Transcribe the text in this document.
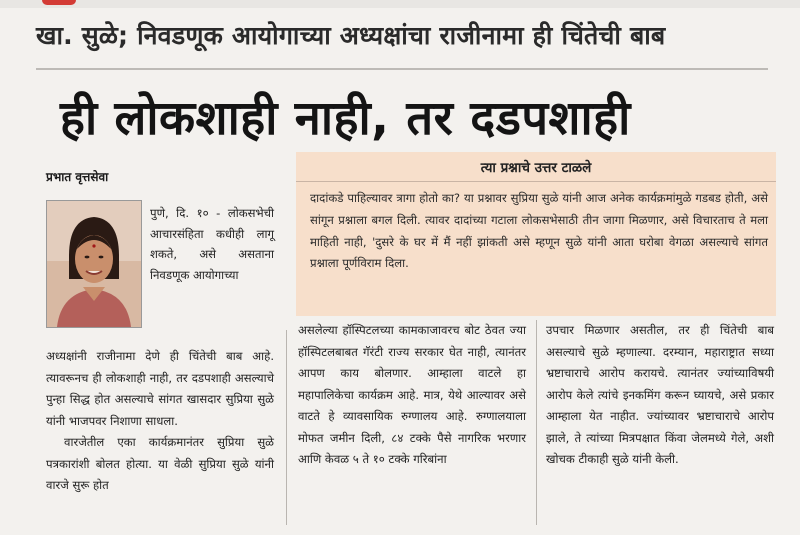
खा. सुळे; निवडणूक आयोगाच्या अध्यक्षांचा राजीनामा ही चिंतेची बाब
ही लोकशाही नाही, तर दडपशाही
प्रभात वृत्तसेवा
पुणे, दि. १० - लोकसभेची आचारसंहिता कधीही लागू शकते, असे असताना निवडणूक आयोगाच्या

अध्यक्षांनी राजीनामा देणे ही चिंतेची बाब आहे. त्यावरूनच ही लोकशाही नाही, तर दडपशाही असल्याचे पुन्हा सिद्ध होत असल्याचे सांगत खासदार सुप्रिया सुळे यांनी भाजपवर निशाणा साधला.

वारजेतील एका कार्यक्रमानंतर सुप्रिया सुळे पत्रकारांशी बोलत होत्या. या वेळी सुप्रिया सुळे यांनी वारजे सुरू होत

त्या प्रश्नाचे उत्तर टाळले
दादांकडे पाहिल्यावर त्रागा होतो का? या प्रश्नावर सुप्रिया सुळे यांनी आज अनेक कार्यक्रमांमुळे गडबड होती, असे सांगून प्रश्नाला बगल दिली. त्यावर दादांच्या गटाला लोकसभेसाठी तीन जागा मिळणार, असे विचारताच ते मला माहिती नाही, 'दुसरे के घर में मैं नहीं झांकती असे म्हणून सुळे यांनी आता घरोबा वेगळा असल्याचे सांगत प्रश्नाला पूर्णविराम दिला.
असलेल्या हॉस्पिटलच्या कामकाजावरच बोट ठेवत ज्या हॉस्पिटलबाबत गॅरंटी राज्य सरकार घेत नाही, त्यानंतर आपण काय बोलणार. आम्हाला वाटले हा महापालिकेचा कार्यक्रम आहे. मात्र, येथे आल्यावर असे वाटते हे व्यावसायिक रुग्णालय आहे. रुग्णालयाला मोफत जमीन दिली, ८४ टक्के पैसे नागरिक भरणार आणि केवळ ५ ते १० टक्के गरिबांना
उपचार मिळणार असतील, तर ही चिंतेची बाब असल्याचे सुळे म्हणाल्या. दरम्यान, महाराष्ट्रात सध्या भ्रष्टाचाराचे आरोप करायचे. त्यानंतर ज्यांच्याविषयी आरोप केले त्यांचे इनकमिंग करून घ्यायचे, असे प्रकार आम्हाला येत नाहीत. ज्यांच्यावर भ्रष्टाचाराचे आरोप झाले, ते त्यांच्या मित्रपक्षात किंवा जेलमध्ये गेले, अशी खोचक टीकाही सुळे यांनी केली.
